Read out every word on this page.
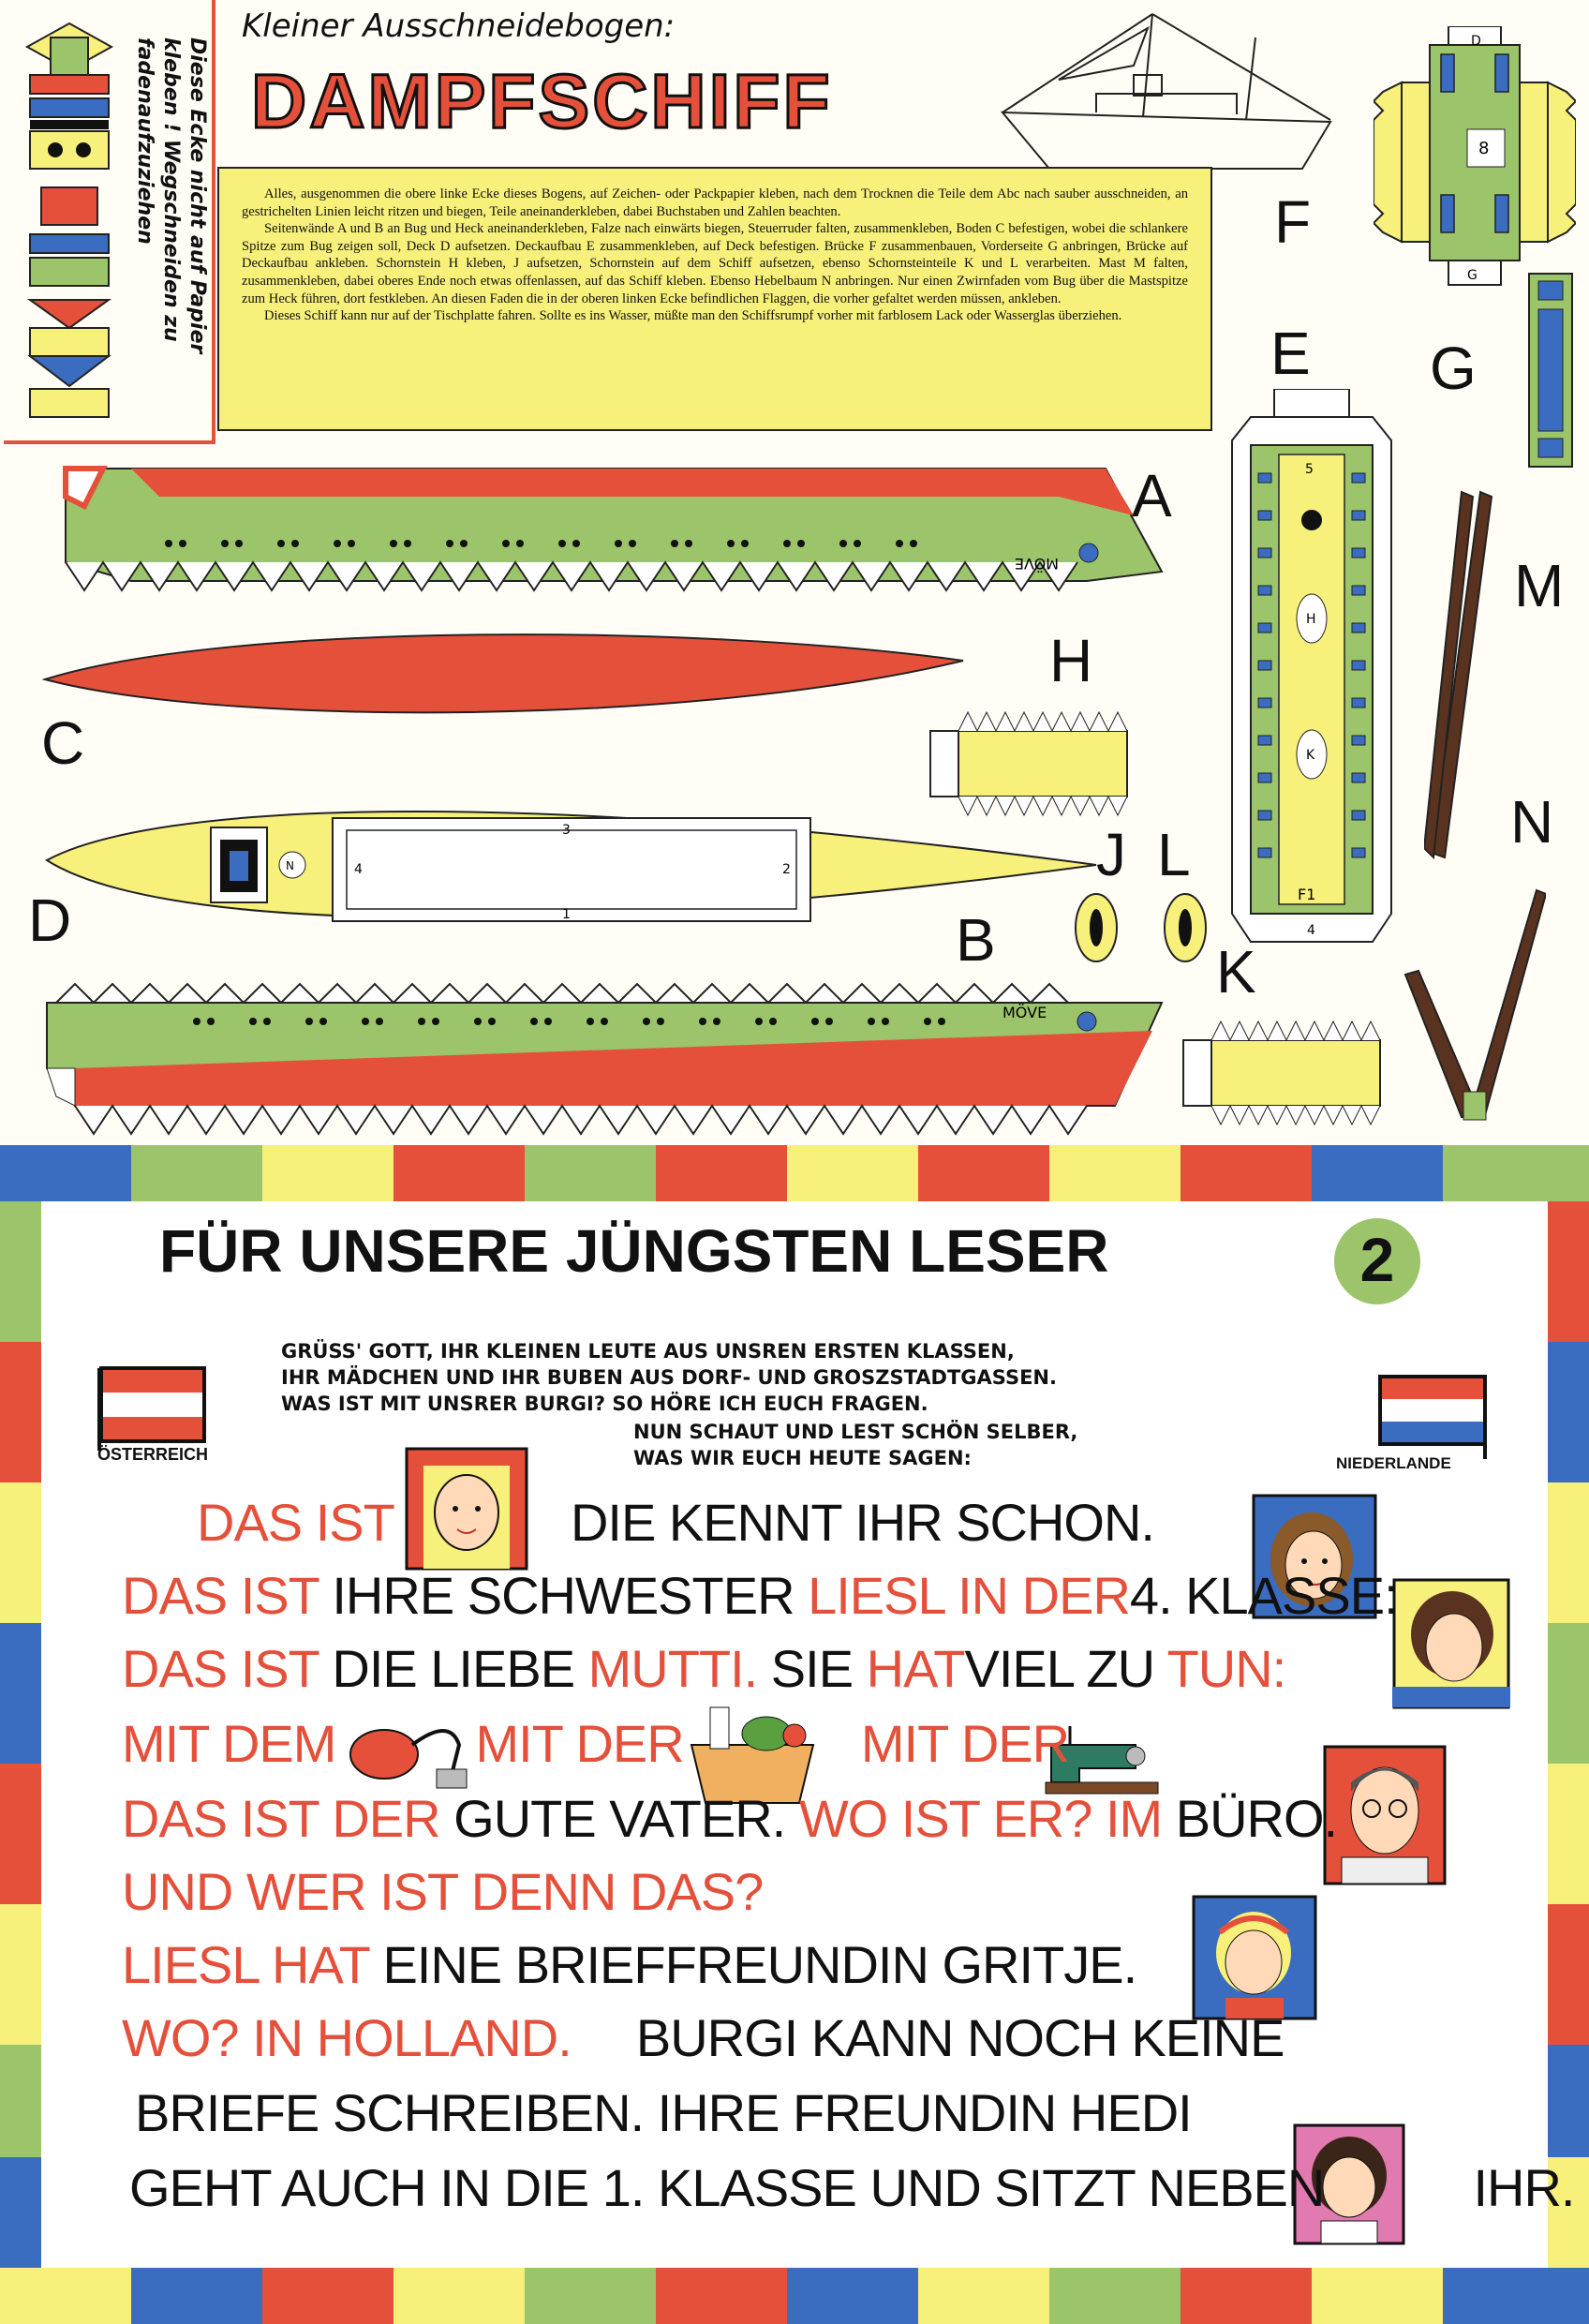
Diese Ecke nicht auf Papier kleben ! Wegschneiden zu fadenaufzuziehen
Kleiner Ausschneidebogen:
DAMPFSCHIFF

Alles, ausgenommen die obere linke Ecke dieses Bogens, auf Zeichen- oder Packpapier kleben, nach dem Trocknen die Teile dem Abc nach sauber ausschneiden, an gestrichelten Linien leicht ritzen und biegen, Teile aneinanderkleben, dabei Buchstaben und Zahlen beachten.

Seitenwände A und B an Bug und Heck aneinanderkleben, Falze nach einwärts biegen, Steuerruder falten, zusammenkleben, Boden C befestigen, wobei die schlankere Spitze zum Bug zeigen soll, Deck D aufsetzen. Deckaufbau E zusammenkleben, auf Deck befestigen. Brücke F zusammenbauen, Vorderseite G anbringen, Brücke auf Deckaufbau ankleben. Schornstein H kleben, J aufsetzen, Schornstein auf dem Schiff aufsetzen, ebenso Schornsteinteile K und L verarbeiten. Mast M falten, zusammenkleben, dabei oberes Ende noch etwas offenlassen, auf das Schiff kleben. Ebenso Hebelbaum N anbringen. Nur einen Zwirnfaden vom Bug über die Mastspitze zum Heck führen, dort festkleben. An diesen Faden die in der oberen linken Ecke befindlichen Flaggen, die vorher gefaltet werden müssen, ankleben.

Dieses Schiff kann nur auf der Tischplatte fahren. Sollte es ins Wasser, müßte man den Schiffsrumpf vorher mit farblosem Lack oder Wasserglas überziehen.

D
8
G
F
G
5
H
K
F1
4
E
M
N
MÖVE
A
C
H
N
3
1
4	2
D
J L
B	K
MÖVE
FÜR UNSERE JÜNGSTEN LESER	2
ÖSTERREICH	NIEDERLANDE
GRÜSS' GOTT, IHR KLEINEN LEUTE AUS UNSREN ERSTEN KLASSEN,
IHR MÄDCHEN UND IHR BUBEN AUS DORF- UND GROSZSTADTGASSEN.
WAS IST MIT UNSRER BURGI? SO HÖRE ICH EUCH FRAGEN.
NUN SCHAUT UND LEST SCHÖN SELBER,
WAS WIR EUCH HEUTE SAGEN:
DAS IST	DIE KENNT IHR SCHON.
DAS IST IHRE SCHWESTER LIESL IN DER4. KLASSE:
DAS IST DIE LIEBE MUTTI. SIE HATVIEL ZU TUN:
MIT DEM	MIT DER	MIT DER
DAS IST DER GUTE VATER. WO IST ER? IM BÜRO.
UND WER IST DENN DAS?
LIESL HAT EINE BRIEFFREUNDIN GRITJE.
WO? IN HOLLAND. BURGI KANN NOCH KEINE
BRIEFE SCHREIBEN. IHRE FREUNDIN HEDI
GEHT AUCH IN DIE 1. KLASSE UND SITZT NEBEN	IHR.
